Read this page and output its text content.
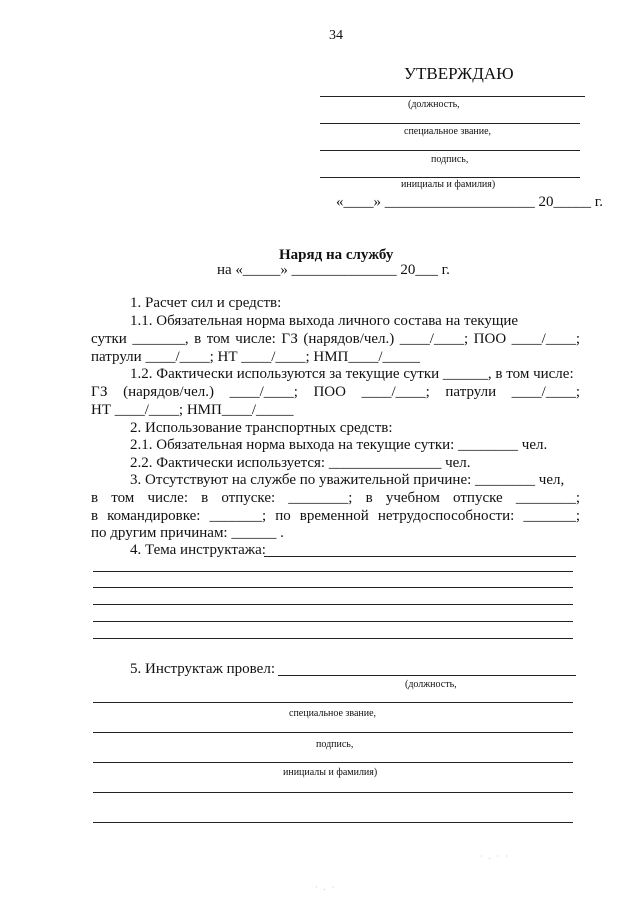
34
УТВЕРЖДАЮ
(должность,
специальное звание,
подпись,
инициалы и фамилия)
«____» ____________________ 20_____ г.
Наряд на службу
на «_____» ______________ 20___ г.
1. Расчет сил и средств:
1.1. Обязательная норма выхода личного состава на текущие
сутки _______, в том числе: ГЗ (нарядов/чел.) ____/____; ПОО ____/____;
патрули ____/____; НТ ____/____; НМП____/_____
1.2. Фактически используются за текущие сутки ______, в том числе:
ГЗ (нарядов/чел.) ____/____; ПОО ____/____; патрули ____/____;
НТ ____/____; НМП____/_____
2. Использование транспортных средств:
2.1. Обязательная норма выхода на текущие сутки: ________ чел.
2.2. Фактически используется: _______________ чел.
3. Отсутствуют на службе по уважительной причине: ________ чел,
в том числе: в отпуске: ________; в учебном отпуске ________;
в командировке: _______; по временной нетрудоспособности: _______;
по другим причинам: ______ .
4. Тема инструктажа:
5. Инструктаж провел:
(должность,
специальное звание,
подпись,
инициалы и фамилия)
· . · ·
· . ·
